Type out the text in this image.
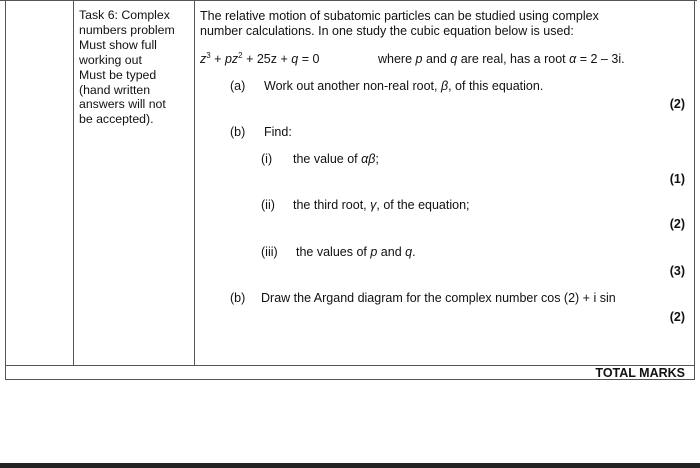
Task 6: Complex
numbers problem
Must show full
working out
Must be typed
(hand written
answers will not
be accepted).
The relative motion of subatomic particles can be studied using complex
number calculations. In one study the cubic equation below is used:
$z^3 + pz^2 + 25z + q = 0$	where p and q are real, has a root α = 2 – 3i.
(a) Work out another non-real root, β, of this equation.
(2)
(b) Find:
(i) the value of αβ;
(1)
(ii) the third root, γ, of the equation;
(2)
(iii) the values of p and q.
(3)
(b) Draw the Argand diagram for the complex number cos (2) + i sin
(2)
TOTAL MARKS
